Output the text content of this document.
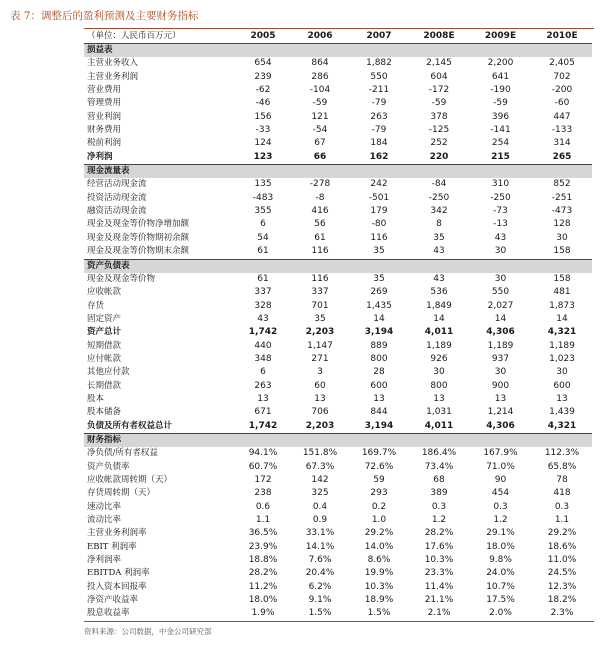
表 7：调整后的盈利预测及主要财务指标
（单位：人民币百万元）	2005	2006	2007	2008E	2009E	2010E
损益表						
主营业务收入	654	864	1,882	2,145	2,200	2,405
主营业务利润	239	286	550	604	641	702
营业费用	-62	-104	-211	-172	-190	-200
管理费用	-46	-59	-79	-59	-59	-60
营业利润	156	121	263	378	396	447
财务费用	-33	-54	-79	-125	-141	-133
税前利润	124	67	184	252	254	314
净利润	123	66	162	220	215	265
现金流量表						
经营活动现金流	135	-278	242	-84	310	852
投资活动现金流	-483	-8	-501	-250	-250	-251
融资活动现金流	355	416	179	342	-73	-473
现金及现金等价物净增加额	6	56	-80	8	-13	128
现金及现金等价物期初余额	54	61	116	35	43	30
现金及现金等价物期末余额	61	116	35	43	30	158
资产负债表						
现金及现金等价物	61	116	35	43	30	158
应收帐款	337	337	269	536	550	481
存货	328	701	1,435	1,849	2,027	1,873
固定资产	43	35	14	14	14	14
资产总计	1,742	2,203	3,194	4,011	4,306	4,321
短期借款	440	1,147	889	1,189	1,189	1,189
应付帐款	348	271	800	926	937	1,023
其他应付款	6	3	28	30	30	30
长期借款	263	60	600	800	900	600
股本	13	13	13	13	13	13
股本储备	671	706	844	1,031	1,214	1,439
负债及所有者权益总计	1,742	2,203	3,194	4,011	4,306	4,321
财务指标						
净负债/所有者权益	94.1%	151.8%	169.7%	186.4%	167.9%	112.3%
资产负债率	60.7%	67.3%	72.6%	73.4%	71.0%	65.8%
应收帐款周转期（天）	172	142	59	68	90	78
存货周转期（天）	238	325	293	389	454	418
速动比率	0.6	0.4	0.2	0.3	0.3	0.3
流动比率	1.1	0.9	1.0	1.2	1.2	1.1
主营业务利润率	36.5%	33.1%	29.2%	28.2%	29.1%	29.2%
EBIT 利润率	23.9%	14.1%	14.0%	17.6%	18.0%	18.6%
净利润率	18.8%	7.6%	8.6%	10.3%	9.8%	11.0%
EBITDA 利润率	28.2%	20.4%	19.9%	23.3%	24.0%	24.5%
投入资本回报率	11.2%	6.2%	10.3%	11.4%	10.7%	12.3%
净资产收益率	18.0%	9.1%	18.9%	21.1%	17.5%	18.2%
股息收益率	1.9%	1.5%	1.5%	2.1%	2.0%	2.3%
资料来源：公司数据，中金公司研究部
